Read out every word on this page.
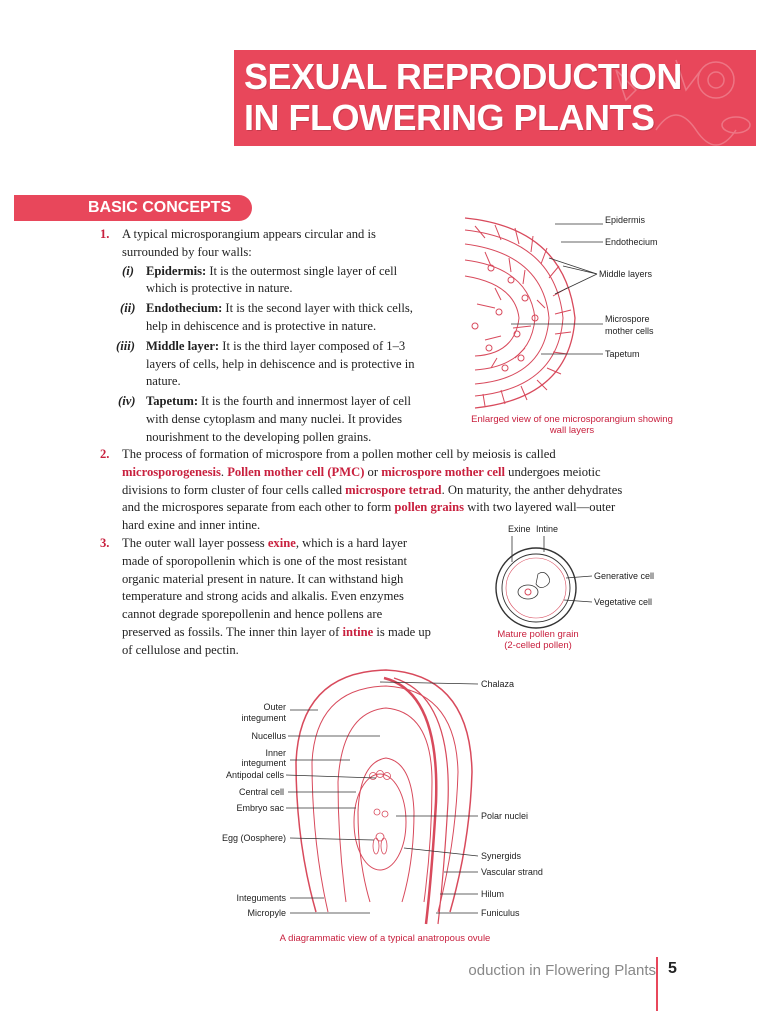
SEXUAL REPRODUCTION
IN FLOWERING PLANTS
BASIC CONCEPTS
1. A typical microsporangium appears circular and is
surrounded by four walls:
(i) Epidermis: It is the outermost single layer of cell
which is protective in nature.
(ii) Endothecium: It is the second layer with thick cells,
help in dehiscence and is protective in nature.
(iii) Middle layer: It is the third layer composed of 1–3
layers of cells, help in dehiscence and is protective in
nature.
(iv) Tapetum: It is the fourth and innermost layer of cell
with dense cytoplasm and many nuclei. It provides
nourishment to the developing pollen grains.
Epidermis
Endothecium
Middle layers
Microspore
mother cells
Tapetum
Enlarged view of one microsporangium showing
wall layers
2. The process of formation of microspore from a pollen mother cell by meiosis is called
microsporogenesis. Pollen mother cell (PMC) or microspore mother cell undergoes meiotic
divisions to form cluster of four cells called microspore tetrad. On maturity, the anther dehydrates
and the microspores separate from each other to form pollen grains with two layered wall—outer
hard exine and inner intine.
3. The outer wall layer possess exine, which is a hard layer
made of sporopollenin which is one of the most resistant
organic material present in nature. It can withstand high
temperature and strong acids and alkalis. Even enzymes
cannot degrade sporepollenin and hence pollens are
preserved as fossils. The inner thin layer of intine is made up
of cellulose and pectin.
Exine Intine
Generative cell
Vegetative cell
Mature pollen grain
(2-celled pollen)
Chalaza
Outer
integument
Nucellus
Inner
integument
Antipodal cells
Central cell
Embryo sac
Polar nuclei
Egg (Oosphere)
Synergids
Vascular strand
Hilum
Integuments
Micropyle	Funiculus
A diagrammatic view of a typical anatropous ovule
oduction in Flowering Plants 5
